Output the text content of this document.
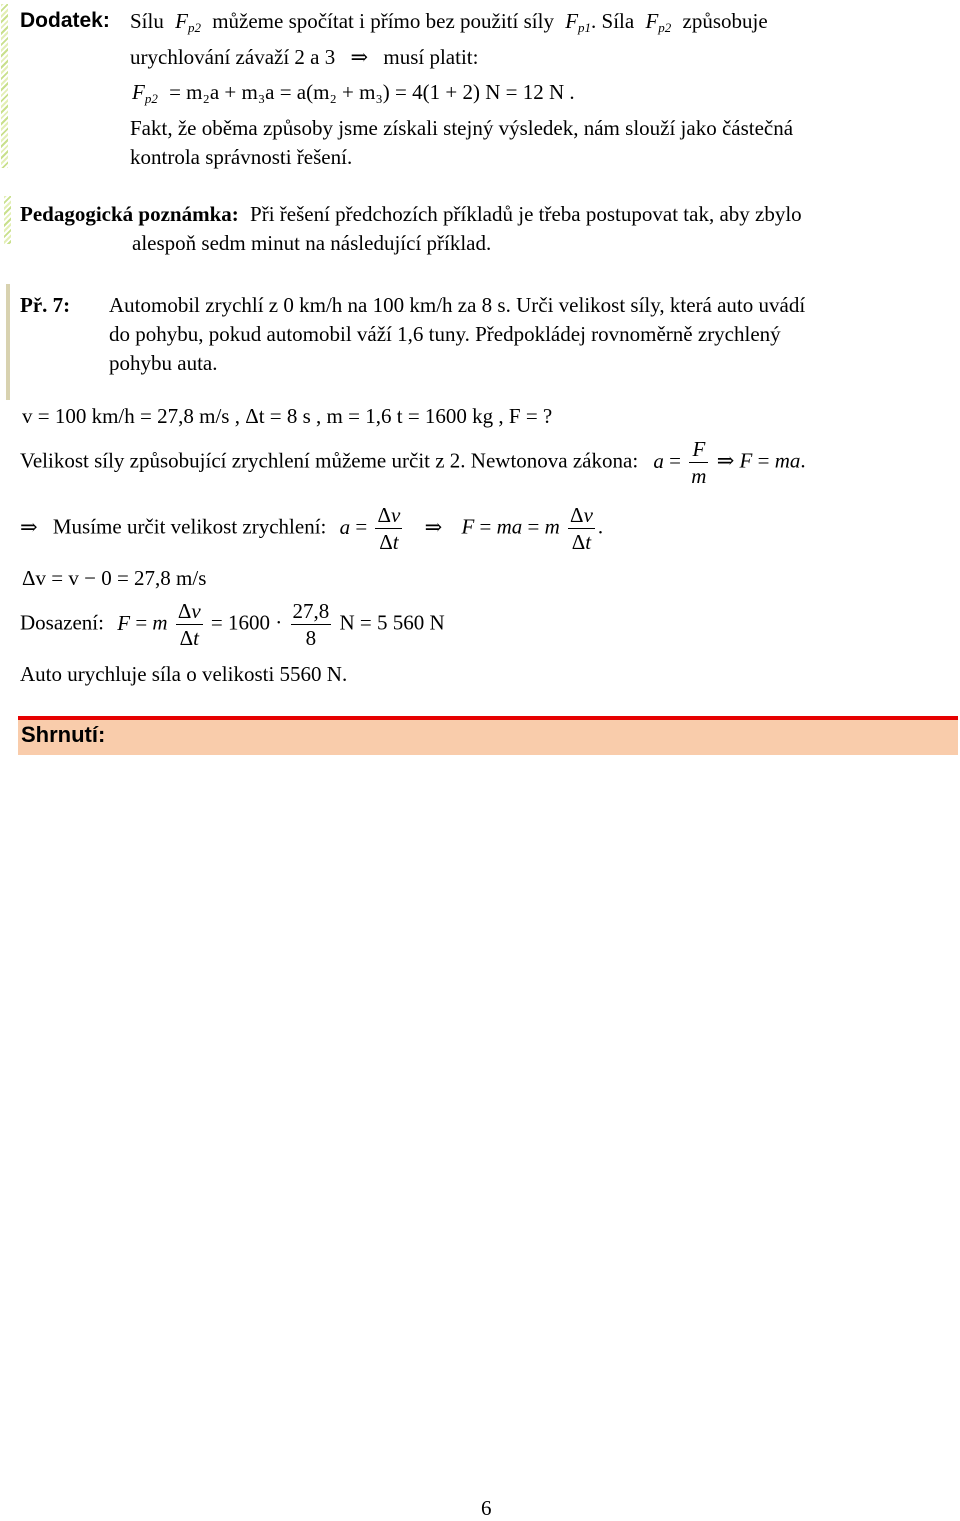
Dodatek: Sílu $F_{p2}$ můžeme spočítat i přímo bez použití síly $F_{p1}$. Síla $F_{p2}$ způsobuje
urychlování závaží 2 a 3 ⇒ musí platit:
$F_{p2} = m_2a + m_3a = a(m_2 + m_3) = 4(1 + 2) N = 12$ N .
Fakt, že oběma způsoby jsme získali stejný výsledek, nám slouží jako částečná
kontrola správnosti řešení.
Pedagogická poznámka: Při řešení předchozích příkladů je třeba postupovat tak, aby zbylo
alespoň sedm minut na následující příklad.
Př. 7: Automobil zrychlí z 0 km/h na 100 km/h za 8 s. Urči velikost síly, která auto uvádí
do pohybu, pokud automobil váží 1,6 tuny. Předpokládej rovnoměrně zrychlený
pohybu auta.
v = 100 km/h = 27,8 m/s , Δt = 8 s , m = 1,6 t = 1600 kg , F = ?
Velikost síly způsobující zrychlení můžeme určit z 2. Newtonova zákona: $a = \frac{F}{m}$ ⇒ F = ma.
⇒ Musíme určit velikost zrychlení: $a = \frac{\Delta v}{\Delta t}$ ⇒ F = ma = m $\frac{\Delta v}{\Delta t}$ .
Δv = v − 0 = 27,8 m/s
Dosazení: F = m $\frac{\Delta v}{\Delta t} = 1600 \cdot \frac{27,8}{8}$ N = 5 560 N
Auto urychluje síla o velikosti 5560 N.
Shrnutí:
6
